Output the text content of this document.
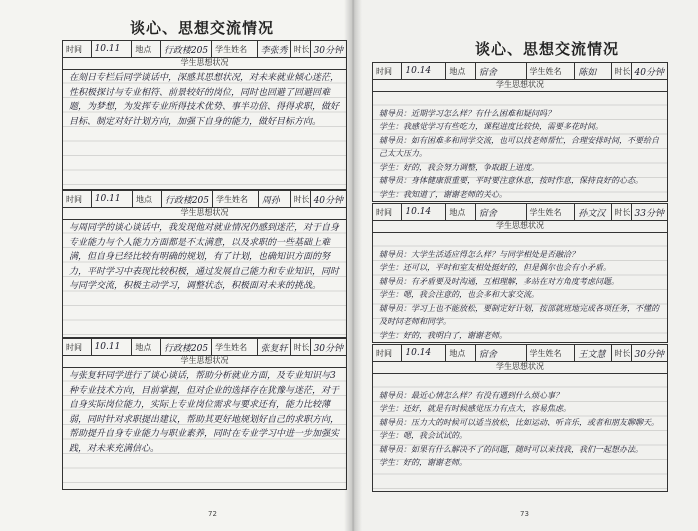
谈心、思想交流情况
时间	10.11	地点	行政楼205 学生姓名	李张秀 时长 30分钟
学生思想状况

在刻日专栏后同学谈话中，深感其思想状况，对未来就业倾心迷茫，性积极探讨与专业相符、前景较好的岗位，同时也回避了回避回难题，为梦想，为发挥专业所得技术优势、事半功倍、得得求职，做好目标、制定对好计划方向，加强下自身的能力，做好目标方向。

时间	10.11	地点	行政楼205 学生姓名	周孙	时长 40分钟
学生思想状况

与周同学的谈心谈话中，我发现他对就业情况仍感到迷茫，对于自身专业能力与个人能力方面都是不太满意，以及求职的一些基础上难满，但自身已经比较有明确的规划，有了计划，也确知识方面的努力，平时学习中表现比较积极，通过发展自己能力和专业知识，同时与同学交流，积极主动学习，调整状态，积极面对未来的挑战。

时间	10.11	地点	行政楼205 学生姓名	张复轩 时长 30分钟
学生思想状况

与张复轩同学进行了谈心谈话，帮助分析就业方面，及专业知识与3种专业技术方向，目前掌握，但对企业的选择存在犹豫与迷茫，对于自身实际岗位能力，实际上专业岗位需求与要求还有，能力比较薄弱，同时针对求职提出建议，帮助其更好地规划好自己的求职方向，帮助提升自身专业能力与职业素养，同时在专业学习中进一步加强实践，对未来充满信心。

72
谈心、思想交流情况
时间	10.14	地点	宿舍	学生姓名	陈如	时长 40分钟
学生思想状况

辅导员：近期学习怎么样？有什么困难和疑问吗？
学生：我感觉学习有些吃力，课程进度比较快，需要多花时间。
辅导员：如有困难多和同学交流，也可以找老师帮忙，合理安排时间，不要给自己太大压力。
学生：好的，我会努力调整，争取跟上进度。
辅导员：身体健康很重要，平时要注意休息，按时作息，保持良好的心态。
学生：我知道了，谢谢老师的关心。

时间	10.14	地点	宿舍	学生姓名	孙文汉	时长 33分钟
学生思想状况

辅导员：大学生活适应得怎么样？与同学相处是否融洽？
学生：还可以，平时和室友相处挺好的，但是偶尔也会有小矛盾。
辅导员：有矛盾要及时沟通，互相理解，多站在对方角度考虑问题。
学生：嗯，我会注意的，也会多和大家交流。
辅导员：学习上也不能放松，要制定好计划，按部就班地完成各项任务，不懂的及时问老师和同学。
学生：好的，我明白了，谢谢老师。

时间	10.14	地点	宿舍	学生姓名	王文慧	时长 30分钟
学生思想状况

辅导员：最近心情怎么样？有没有遇到什么烦心事？
学生：还好，就是有时候感觉压力有点大，容易焦虑。
辅导员：压力大的时候可以适当放松，比如运动、听音乐，或者和朋友聊聊天。
学生：嗯，我会试试的。
辅导员：如果有什么解决不了的问题，随时可以来找我，我们一起想办法。
学生：好的，谢谢老师。

73
